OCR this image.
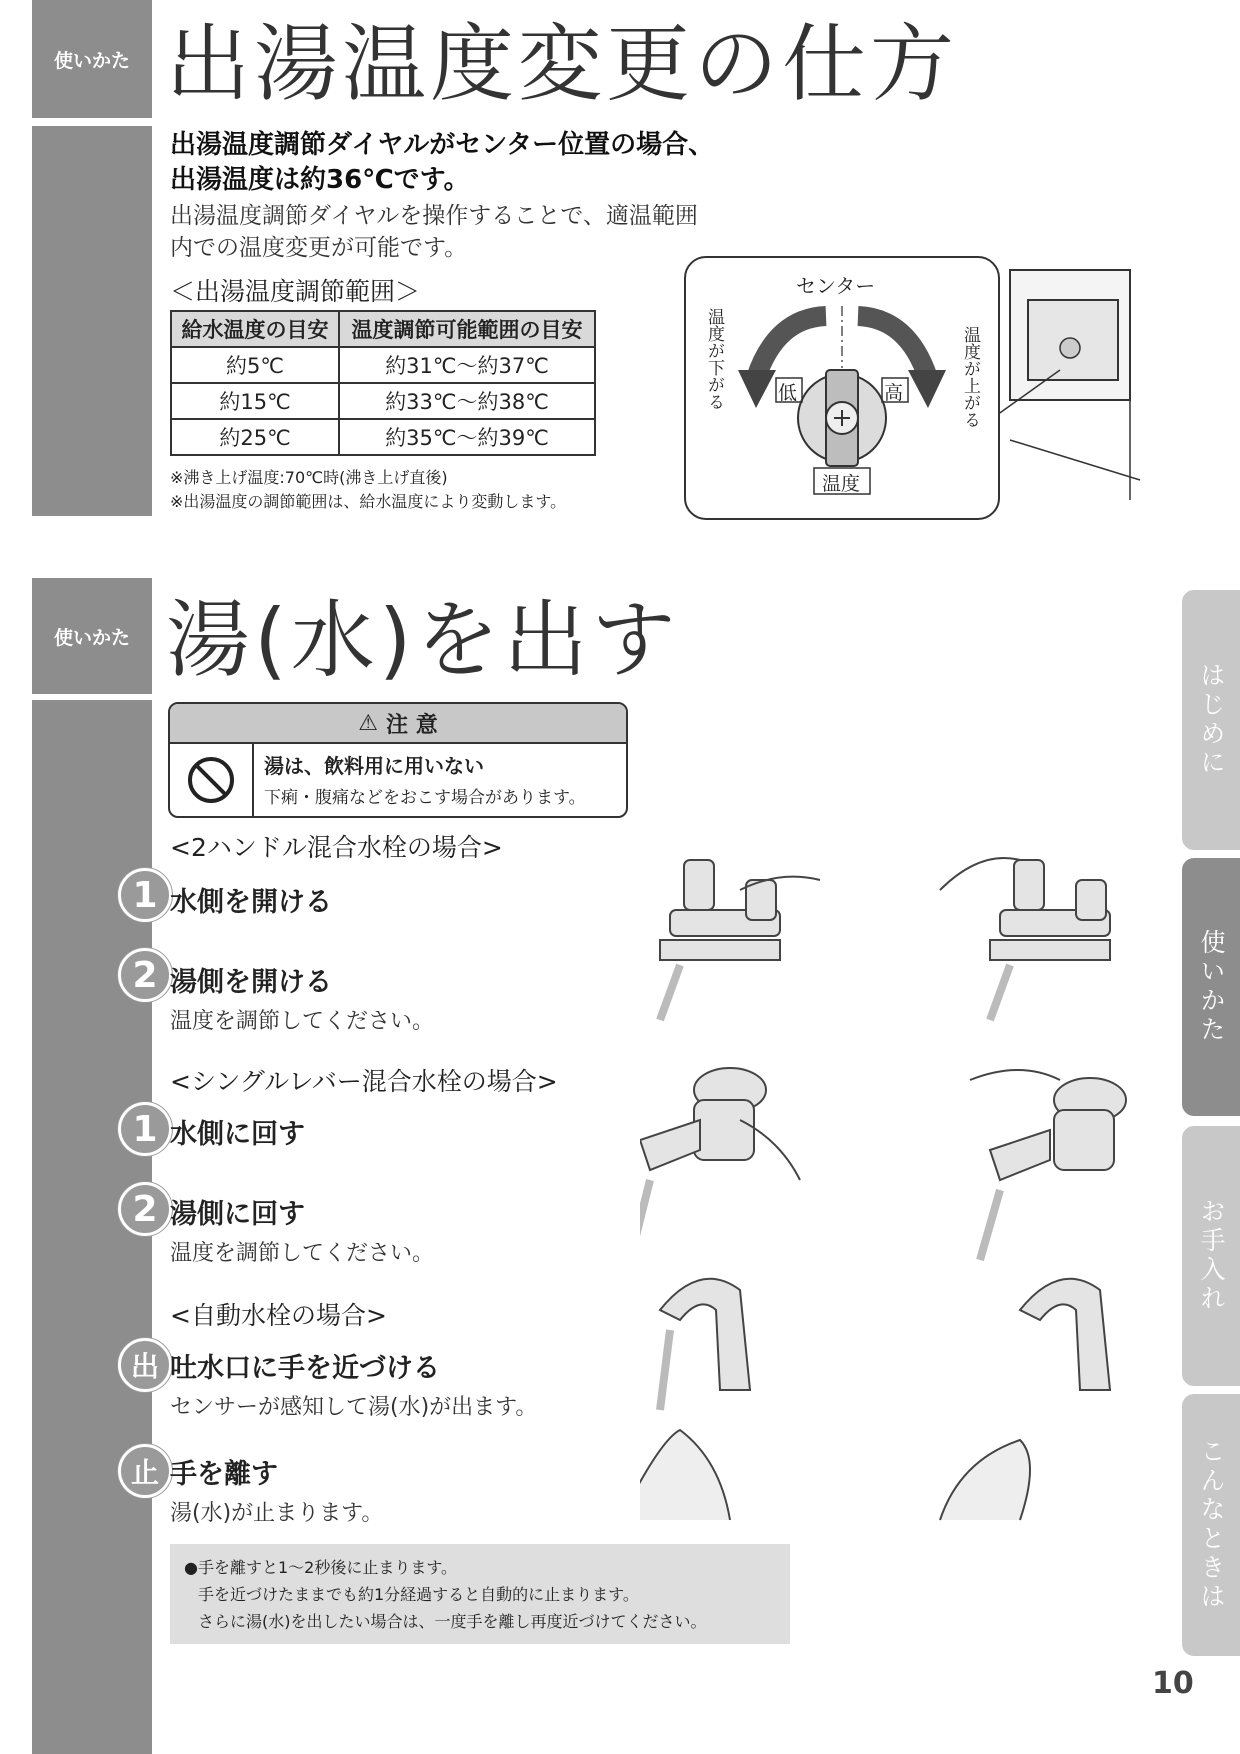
使いかた 出湯温度変更の仕方
出湯温度調節ダイヤルがセンター位置の場合、
出湯温度は約36℃です。
出湯温度調節ダイヤルを操作することで、適温範囲
内での温度変更が可能です。
＜出湯温度調節範囲＞
給水温度の目安	温度調節可能範囲の目安
約5℃	約31℃～約37℃
約15℃	約33℃～約38℃
約25℃	約35℃～約39℃
※沸き上げ温度:70℃時(沸き上げ直後)
※出湯温度の調節範囲は、給水温度により変動します。
センター
温度が下がる	温度が上がる
低	高
温度
使いかた 湯(水)を出す
⚠ 注 意
湯は、飲料用に用いない
下痢・腹痛などをおこす場合があります。
<2ハンドル混合水栓の場合>
1 水側を開ける
2 湯側を開ける
温度を調節してください。
<シングルレバー混合水栓の場合>
1 水側に回す
2 湯側に回す
温度を調節してください。
<自動水栓の場合>
出 吐水口に手を近づける
センサーが感知して湯(水)が出ます。
止 手を離す
湯(水)が止まります。
●手を離すと1～2秒後に止まります。
手を近づけたままでも約1分経過すると自動的に止まります。
さらに湯(水)を出したい場合は、一度手を離し再度近づけてください。
はじめに
使いかた
お手入れ
こんなときは
10
